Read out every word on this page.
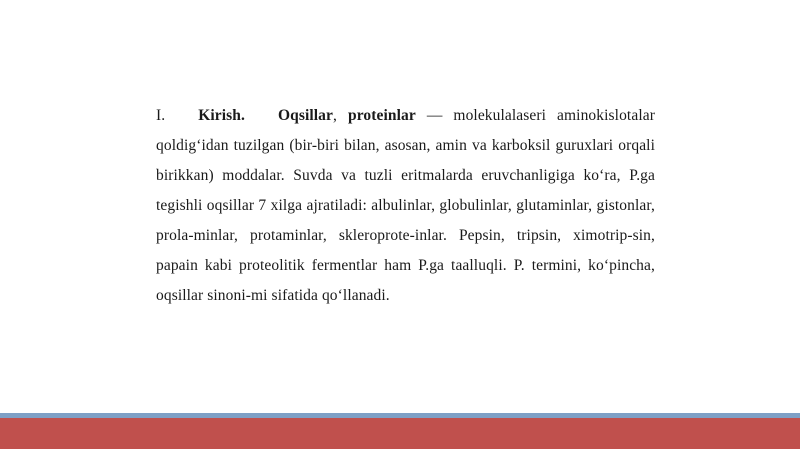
I. Kirish. Oqsillar, proteinlar — molekulalaseri aminokislotalar qoldig‘idan tuzilgan (bir-biri bilan, asosan, amin va karboksil guruxlari orqali birikkan) moddalar. Suvda va tuzli eritmalarda eruvchanligiga ko‘ra, P.ga tegishli oqsillar 7 xilga ajratiladi: albulinlar, globulinlar, glutaminlar, gistonlar, prola-minlar, protaminlar, skleroprote-inlar. Pepsin, tripsin, ximotrip-sin, papain kabi proteolitik fermentlar ham P.ga taalluqli. P. termini, ko‘pincha, oqsillar sinoni-mi sifatida qo‘llanadi.
